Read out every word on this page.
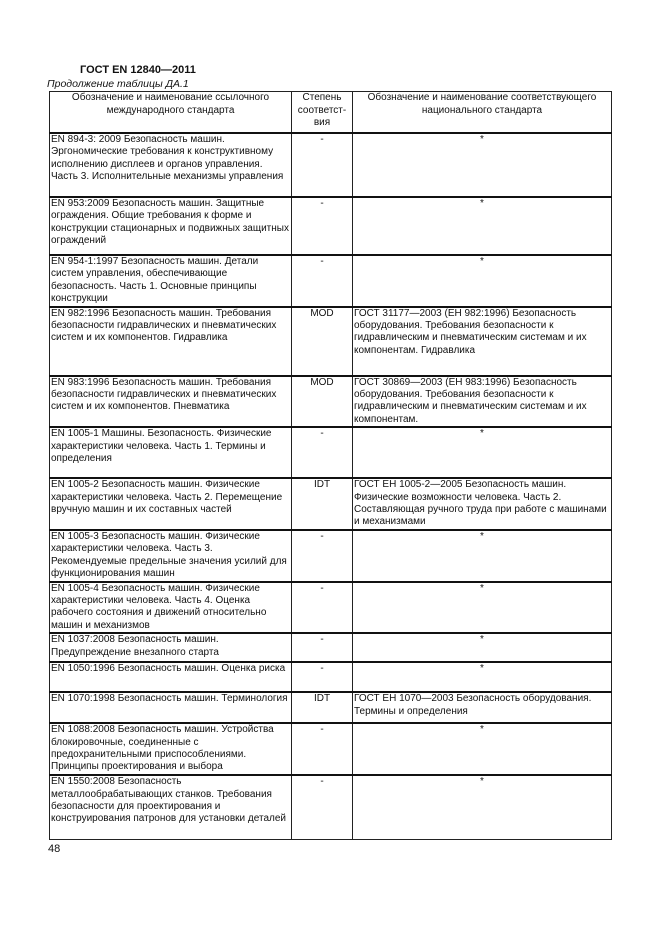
ГОСТ EN 12840—2011
Продолжение таблицы ДА.1
Обозначение и наименование ссылочного международного стандарта	Степень соответст-вия	Обозначение и наименование соответствующего национального стандарта
EN 894-3: 2009 Безопасность машин. Эргономические требования к конструктивному исполнению дисплеев и органов управления. Часть 3. Исполнительные механизмы управления	-	*
EN 953:2009 Безопасность машин. Защитные ограждения. Общие требования к форме и конструкции стационарных и подвижных защитных ограждений	-	*
EN 954-1:1997 Безопасность машин. Детали систем управления, обеспечивающие безопасность. Часть 1. Основные принципы конструкции	-	*
EN 982:1996 Безопасность машин. Требования безопасности гидравлических и пневматических систем и их компонентов. Гидравлика	MOD	ГОСТ 31177—2003 (ЕН 982:1996) Безопасность оборудования. Требования безопасности к гидравлическим и пневматическим системам и их компонентам. Гидравлика
EN 983:1996 Безопасность машин. Требования безопасности гидравлических и пневматических систем и их компонентов. Пневматика	MOD	ГОСТ 30869—2003 (ЕН 983:1996) Безопасность оборудования. Требования безопасности к гидравлическим и пневматическим системам и их компонентам.
EN 1005-1 Машины. Безопасность. Физические характеристики человека. Часть 1. Термины и определения	-	*
EN 1005-2 Безопасность машин. Физические характеристики человека. Часть 2. Перемещение вручную машин и их составных частей	IDT	ГОСТ ЕН 1005-2—2005 Безопасность машин. Физические возможности человека. Часть 2. Составляющая ручного труда при работе с машинами и механизмами
EN 1005-3 Безопасность машин. Физические характеристики человека. Часть 3. Рекомендуемые предельные значения усилий для функционирования машин	-	*
EN 1005-4 Безопасность машин. Физические характеристики человека. Часть 4. Оценка рабочего состояния и движений относительно машин и механизмов	-	*
EN 1037:2008 Безопасность машин. Предупреждение внезапного старта	-	*
EN 1050:1996 Безопасность машин. Оценка риска	-	*
EN 1070:1998 Безопасность машин. Терминология	IDT	ГОСТ ЕН 1070—2003 Безопасность оборудования. Термины и определения
EN 1088:2008 Безопасность машин. Устройства блокировочные, соединенные с предохранительными приспособлениями. Принципы проектирования и выбора	-	*
EN 1550:2008 Безопасность металлообрабатывающих станков. Требования безопасности для проектирования и конструирования патронов для установки деталей	-	*
48
